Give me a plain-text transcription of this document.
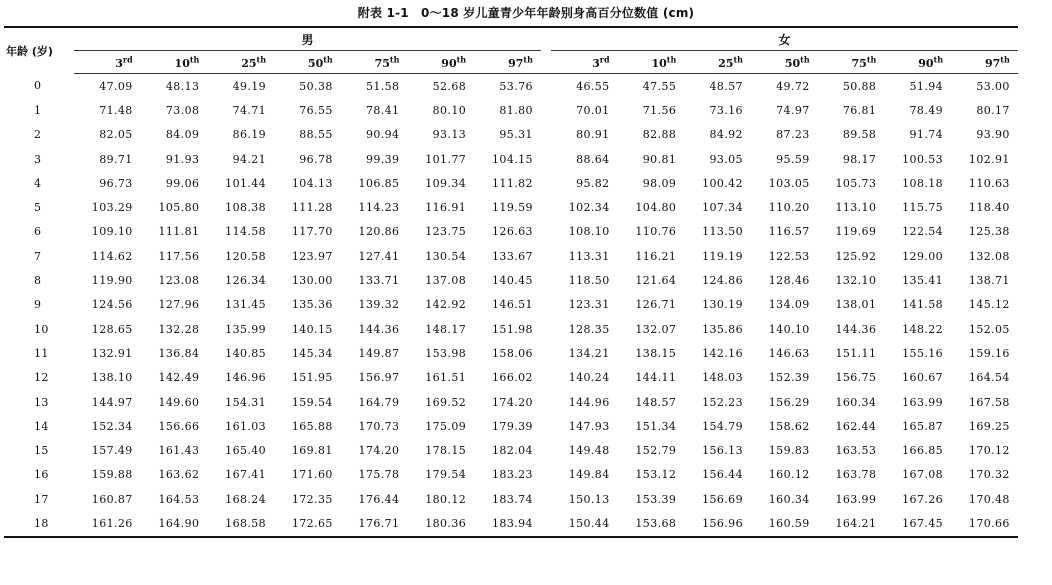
附表 1-1　0～18 岁儿童青少年年龄别身高百分位数值 (cm)
年龄 (岁)	男								女						
	3rd	10th	25th	50th	75th	90th	97th		3rd	10th	25th	50th	75th	90th	97th
0	47.09	48.13	49.19	50.38	51.58	52.68	53.76		46.55	47.55	48.57	49.72	50.88	51.94	53.00
1	71.48	73.08	74.71	76.55	78.41	80.10	81.80		70.01	71.56	73.16	74.97	76.81	78.49	80.17
2	82.05	84.09	86.19	88.55	90.94	93.13	95.31		80.91	82.88	84.92	87.23	89.58	91.74	93.90
3	89.71	91.93	94.21	96.78	99.39	101.77	104.15		88.64	90.81	93.05	95.59	98.17	100.53	102.91
4	96.73	99.06	101.44	104.13	106.85	109.34	111.82		95.82	98.09	100.42	103.05	105.73	108.18	110.63
5	103.29	105.80	108.38	111.28	114.23	116.91	119.59		102.34	104.80	107.34	110.20	113.10	115.75	118.40
6	109.10	111.81	114.58	117.70	120.86	123.75	126.63		108.10	110.76	113.50	116.57	119.69	122.54	125.38
7	114.62	117.56	120.58	123.97	127.41	130.54	133.67		113.31	116.21	119.19	122.53	125.92	129.00	132.08
8	119.90	123.08	126.34	130.00	133.71	137.08	140.45		118.50	121.64	124.86	128.46	132.10	135.41	138.71
9	124.56	127.96	131.45	135.36	139.32	142.92	146.51		123.31	126.71	130.19	134.09	138.01	141.58	145.12
10	128.65	132.28	135.99	140.15	144.36	148.17	151.98		128.35	132.07	135.86	140.10	144.36	148.22	152.05
11	132.91	136.84	140.85	145.34	149.87	153.98	158.06		134.21	138.15	142.16	146.63	151.11	155.16	159.16
12	138.10	142.49	146.96	151.95	156.97	161.51	166.02		140.24	144.11	148.03	152.39	156.75	160.67	164.54
13	144.97	149.60	154.31	159.54	164.79	169.52	174.20		144.96	148.57	152.23	156.29	160.34	163.99	167.58
14	152.34	156.66	161.03	165.88	170.73	175.09	179.39		147.93	151.34	154.79	158.62	162.44	165.87	169.25
15	157.49	161.43	165.40	169.81	174.20	178.15	182.04		149.48	152.79	156.13	159.83	163.53	166.85	170.12
16	159.88	163.62	167.41	171.60	175.78	179.54	183.23		149.84	153.12	156.44	160.12	163.78	167.08	170.32
17	160.87	164.53	168.24	172.35	176.44	180.12	183.74		150.13	153.39	156.69	160.34	163.99	167.26	170.48
18	161.26	164.90	168.58	172.65	176.71	180.36	183.94		150.44	153.68	156.96	160.59	164.21	167.45	170.66
